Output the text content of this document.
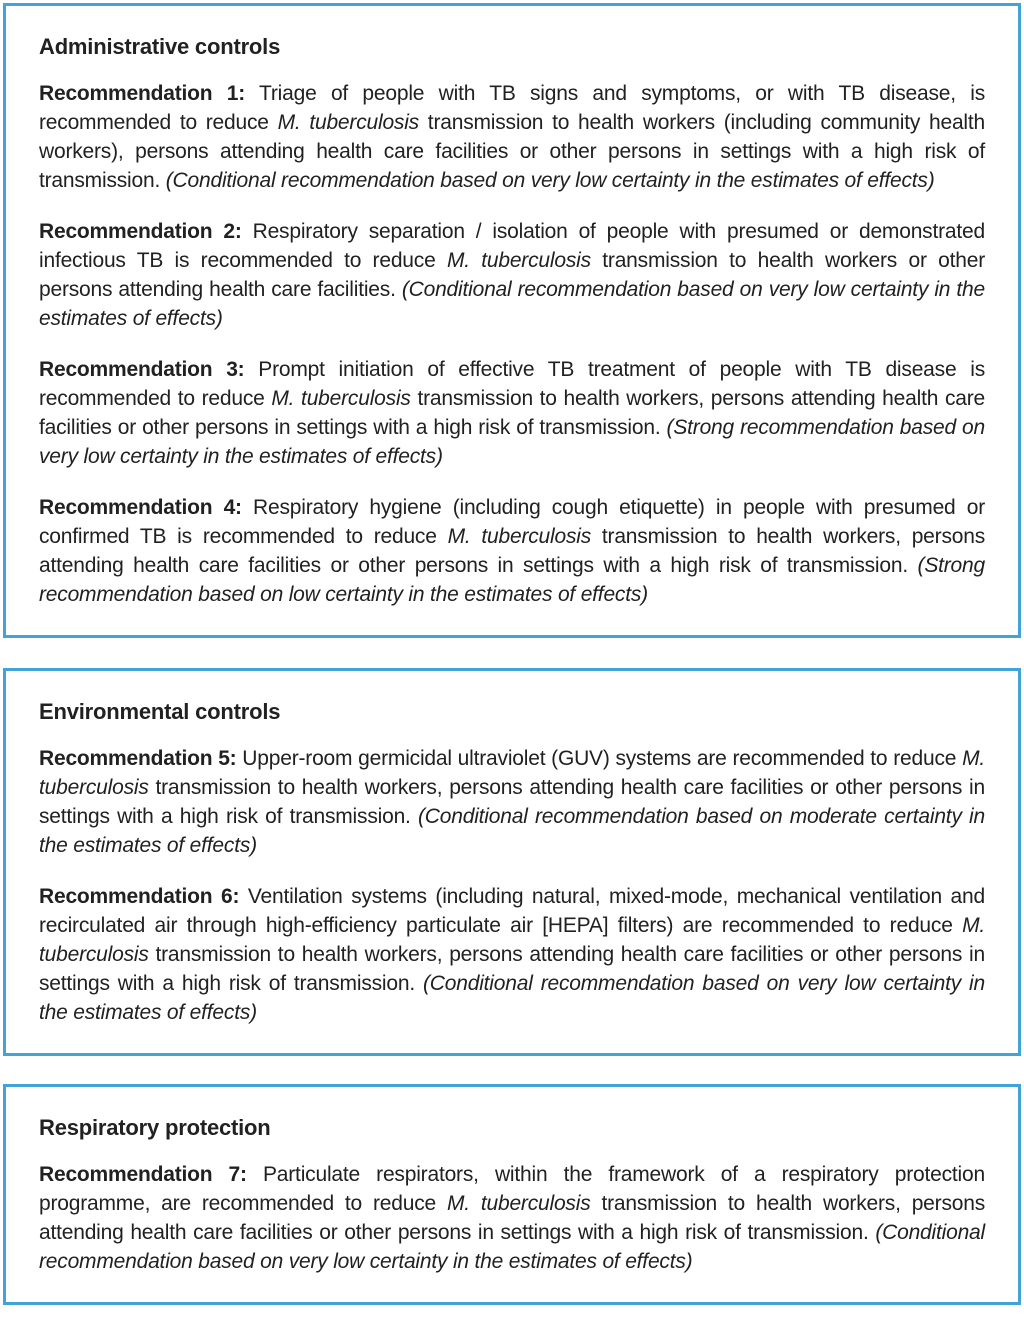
Administrative controls

Recommendation 1: Triage of people with TB signs and symptoms, or with TB disease, is recommended to reduce M. tuberculosis transmission to health workers (including community health workers), persons attending health care facilities or other persons in settings with a high risk of transmission. (Conditional recommendation based on very low certainty in the estimates of effects)

Recommendation 2: Respiratory separation / isolation of people with presumed or demonstrated infectious TB is recommended to reduce M. tuberculosis transmission to health workers or other persons attending health care facilities. (Conditional recommendation based on very low certainty in the estimates of effects)

Recommendation 3: Prompt initiation of effective TB treatment of people with TB disease is recommended to reduce M. tuberculosis transmission to health workers, persons attending health care facilities or other persons in settings with a high risk of transmission. (Strong recommendation based on very low certainty in the estimates of effects)

Recommendation 4: Respiratory hygiene (including cough etiquette) in people with presumed or confirmed TB is recommended to reduce M. tuberculosis transmission to health workers, persons attending health care facilities or other persons in settings with a high risk of transmission. (Strong recommendation based on low certainty in the estimates of effects)

Environmental controls

Recommendation 5: Upper-room germicidal ultraviolet (GUV) systems are recommended to reduce M. tuberculosis transmission to health workers, persons attending health care facilities or other persons in settings with a high risk of transmission. (Conditional recommendation based on moderate certainty in the estimates of effects)

Recommendation 6: Ventilation systems (including natural, mixed-mode, mechanical ventilation and recirculated air through high-efficiency particulate air [HEPA] filters) are recommended to reduce M. tuberculosis transmission to health workers, persons attending health care facilities or other persons in settings with a high risk of transmission. (Conditional recommendation based on very low certainty in the estimates of effects)

Respiratory protection

Recommendation 7: Particulate respirators, within the framework of a respiratory protection programme, are recommended to reduce M. tuberculosis transmission to health workers, persons attending health care facilities or other persons in settings with a high risk of transmission. (Conditional recommendation based on very low certainty in the estimates of effects)
